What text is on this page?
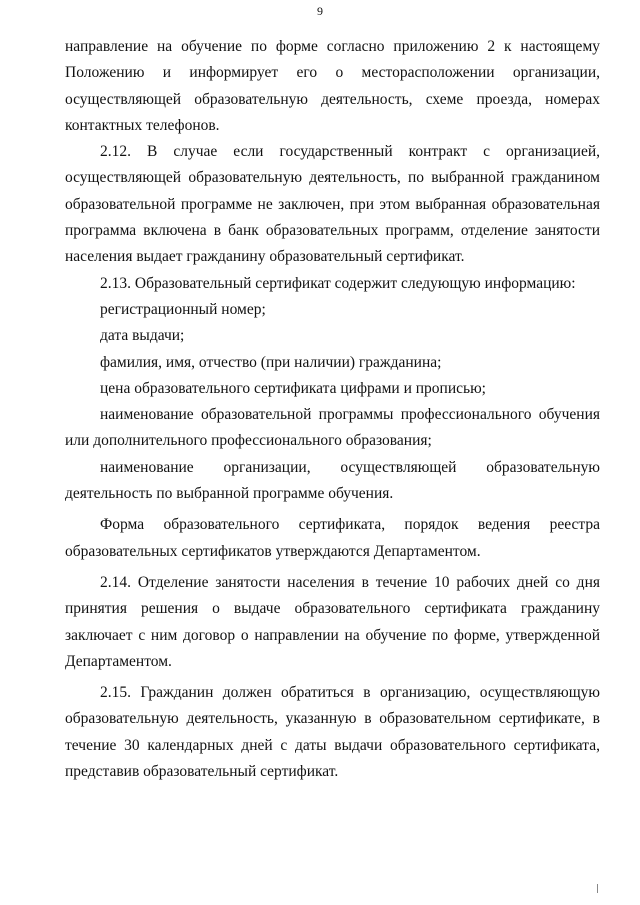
9

направление на обучение по форме согласно приложению 2 к настоящему Положению и информирует его о месторасположении организации, осуществляющей образовательную деятельность, схеме проезда, номерах контактных телефонов.

2.12. В случае если государственный контракт с организацией, осуществляющей образовательную деятельность, по выбранной гражданином образовательной программе не заключен, при этом выбранная образовательная программа включена в банк образовательных программ, отделение занятости населения выдает гражданину образовательный сертификат.

2.13. Образовательный сертификат содержит следующую информацию:

регистрационный номер;

дата выдачи;

фамилия, имя, отчество (при наличии) гражданина;

цена образовательного сертификата цифрами и прописью;

наименование образовательной программы профессионального обучения или дополнительного профессионального образования;

наименование организации, осуществляющей образовательную деятельность по выбранной программе обучения.

Форма образовательного сертификата, порядок ведения реестра образовательных сертификатов утверждаются Департаментом.

2.14. Отделение занятости населения в течение 10 рабочих дней со дня принятия решения о выдаче образовательного сертификата гражданину заключает с ним договор о направлении на обучение по форме, утвержденной Департаментом.

2.15. Гражданин должен обратиться в организацию, осуществляющую образовательную деятельность, указанную в образовательном сертификате, в течение 30 календарных дней с даты выдачи образовательного сертификата, представив образовательный сертификат.
